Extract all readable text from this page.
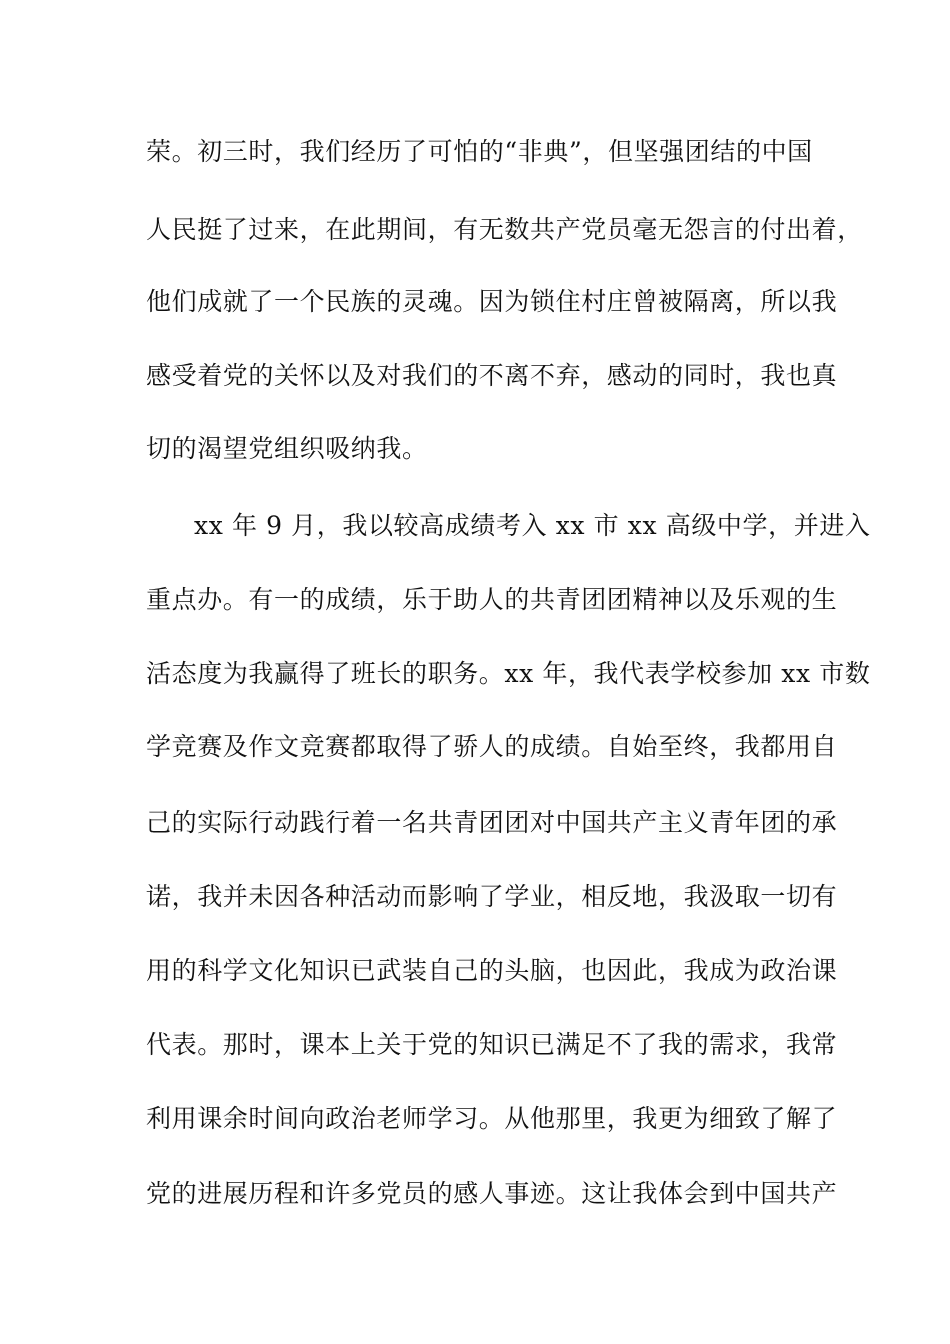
荣。初三时，我们经历了可怕的“非典”，但坚强团结的中国
人民挺了过来，在此期间，有无数共产党员毫无怨言的付出着，
他们成就了一个民族的灵魂。因为锁住村庄曾被隔离，所以我
感受着党的关怀以及对我们的不离不弃，感动的同时，我也真
切的渴望党组织吸纳我。
xx 年 9 月，我以较高成绩考入 xx 市 xx 高级中学，并进入
重点办。有一的成绩，乐于助人的共青团团精神以及乐观的生
活态度为我赢得了班长的职务。xx 年，我代表学校参加 xx 市数
学竞赛及作文竞赛都取得了骄人的成绩。自始至终，我都用自
己的实际行动践行着一名共青团团对中国共产主义青年团的承
诺，我并未因各种活动而影响了学业，相反地，我汲取一切有
用的科学文化知识已武装自己的头脑，也因此，我成为政治课
代表。那时，课本上关于党的知识已满足不了我的需求，我常
利用课余时间向政治老师学习。从他那里，我更为细致了解了
党的进展历程和许多党员的感人事迹。这让我体会到中国共产
